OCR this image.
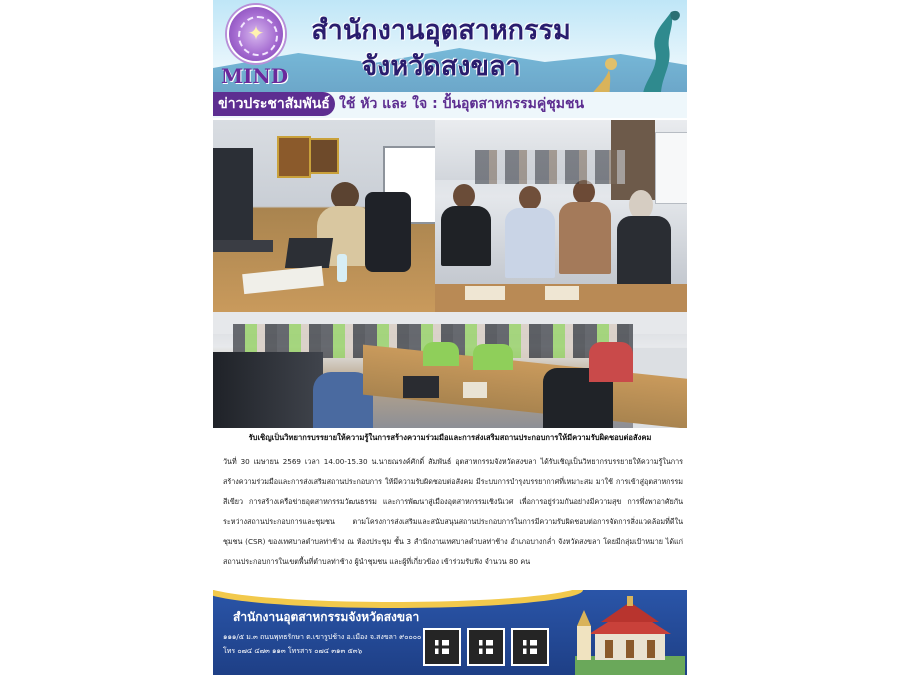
✦	สำนักงานอุตสาหกรรม
จังหวัดสงขลา
MIND
ข่าวประชาสัมพันธ์ ใช้ หัว และ ใจ : ปั้นอุตสาหกรรมคู่ชุมชน
รับเชิญเป็นวิทยากรบรรยายให้ความรู้ในการสร้างความร่วมมือและการส่งเสริมสถานประกอบการให้มีความรับผิดชอบต่อสังคม
วันที่ 30 เมษายน 2569 เวลา 14.00-15.30 น.นายณรงค์ศักดิ์ สัมพันธ์ อุตสาหกรรมจังหวัดสงขลา ได้รับเชิญเป็นวิทยากรบรรยายให้ความรู้ในการสร้างความร่วมมือและการส่งเสริมสถานประกอบการ ให้มีความรับผิดชอบต่อสังคม มีระบบการบำรุงบรรยากาศที่เหมาะสม มาใช้ การเข้าสู่อุตสาหกรรมสีเขียว การสร้างเครือข่ายอุตสาหกรรมวัฒนธรรม และการพัฒนาสู่เมืองอุตสาหกรรมเชิงนิเวศ เพื่อการอยู่ร่วมกันอย่างมีความสุข การพึ่งพาอาศัยกัน ระหว่างสถานประกอบการและชุมชน ตามโครงการส่งเสริมและสนับสนุนสถานประกอบการในการมีความรับผิดชอบต่อการจัดการสิ่งแวดล้อมที่ดีในชุมชน (CSR) ของเทศบาลตำบลท่าช้าง ณ ห้องประชุม ชั้น 3 สำนักงานเทศบาลตำบลท่าช้าง อำเภอบางกล่ำ จังหวัดสงขลา โดยมีกลุ่มเป้าหมาย ได้แก่ สถานประกอบการในเขตพื้นที่ตำบลท่าช้าง ผู้นำชุมชน และผู้ที่เกี่ยวข้อง เข้าร่วมรับฟัง จำนวน 80 คน
สำนักงานอุตสาหกรรมจังหวัดสงขลา
๑๑๑/๕ ม.๓ ถนนพุทธรักษา ต.เขารูปช้าง อ.เมือง จ.สงขลา ๙๐๐๐๐
โทร ๐๗๔ ๔๗๓ ๑๑๓ โทรสาร ๐๗๔ ๓๑๓ ๕๓๖
